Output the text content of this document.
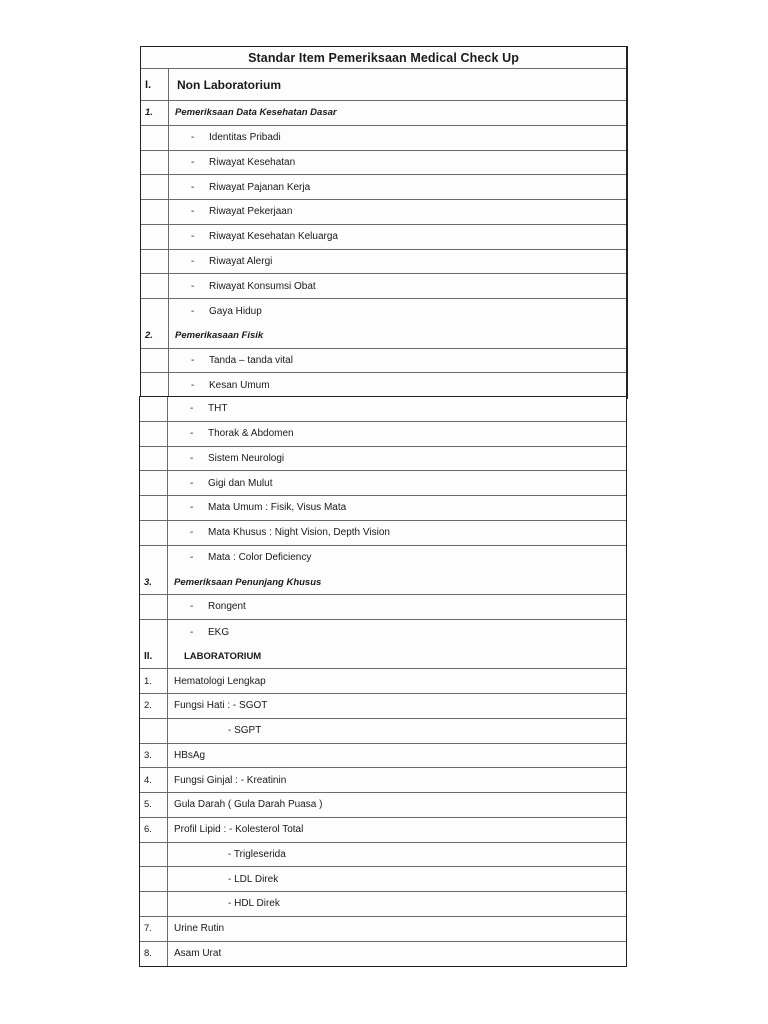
Standar Item Pemeriksaan Medical Check Up
I.	Non Laboratorium
1.	Pemeriksaan Data Kesehatan Dasar
- Identitas Pribadi
- Riwayat Kesehatan
- Riwayat Pajanan Kerja
- Riwayat Pekerjaan
- Riwayat Kesehatan Keluarga
- Riwayat Alergi
- Riwayat Konsumsi Obat
- Gaya Hidup
2.	Pemerikasaan Fisik
- Tanda – tanda vital
- Kesan Umum
- THT
- Thorak & Abdomen
- Sistem Neurologi
- Gigi dan Mulut
- Mata Umum : Fisik, Visus Mata
- Mata Khusus : Night Vision, Depth Vision
- Mata : Color Deficiency
3.	Pemeriksaan Penunjang Khusus
- Rongent
- EKG
II.	LABORATORIUM
1.	Hematologi Lengkap
2.	Fungsi Hati : - SGOT
- SGPT
3.	HBsAg
4.	Fungsi Ginjal : - Kreatinin
5.	Gula Darah ( Gula Darah Puasa )
6.	Profil Lipid : - Kolesterol Total
- Trigleserida
- LDL Direk
- HDL Direk
7.	Urine Rutin
8.	Asam Urat
